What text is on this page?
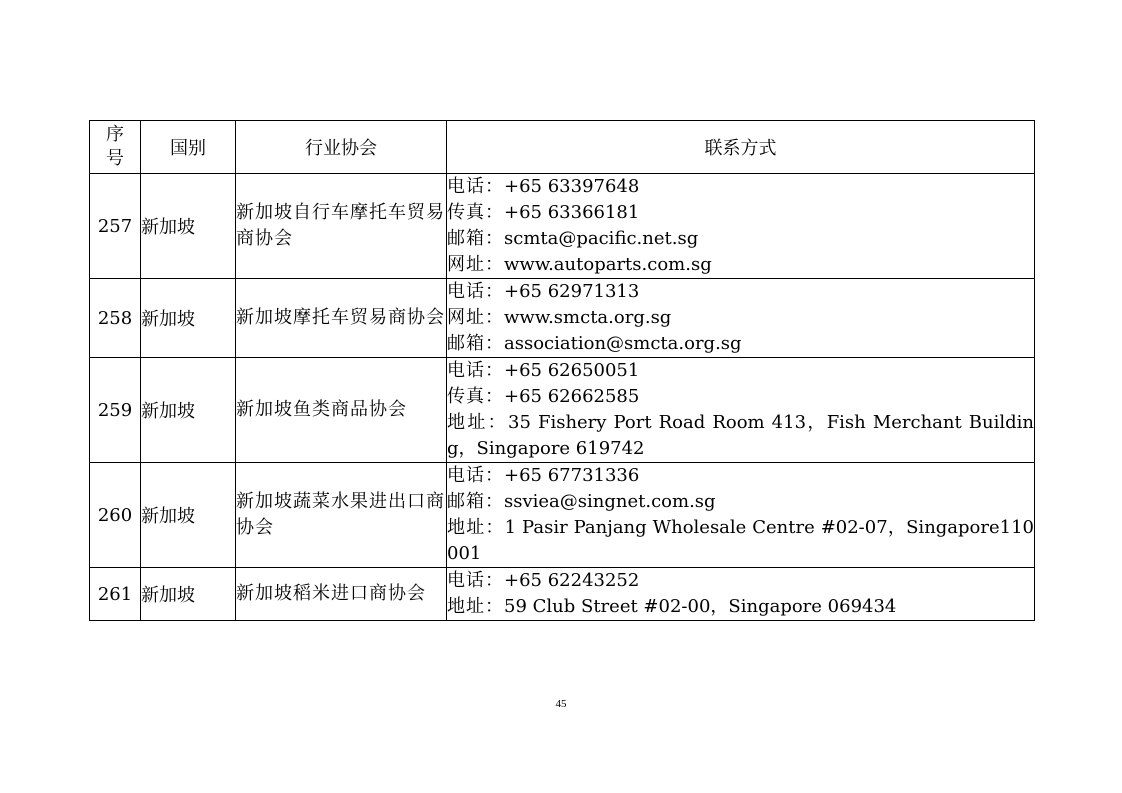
序
号	国别	行业协会	联系方式
257	新加坡	新加坡自行车摩托车贸易商协会	电话：+65 63397648
传真：+65 63366181
邮箱：scmta@pacific.net.sg
网址：www.autoparts.com.sg

258	新加坡	新加坡摩托车贸易商协会	电话：+65 62971313
网址：www.smcta.org.sg
邮箱：association@smcta.org.sg

259	新加坡	新加坡鱼类商品协会	电话：+65 62650051
传真：+65 62662585
地址：35 Fishery Port Road Room 413，Fish Merchant Building，Singapore 619742

260	新加坡	新加坡蔬菜水果进出口商协会	电话：+65 67731336
邮箱：ssviea@singnet.com.sg
地址：1 Pasir Panjang Wholesale Centre #02-07，Singapore110001

261	新加坡	新加坡稻米进口商协会	电话：+65 62243252
地址：59 Club Street #02-00，Singapore 069434
45
